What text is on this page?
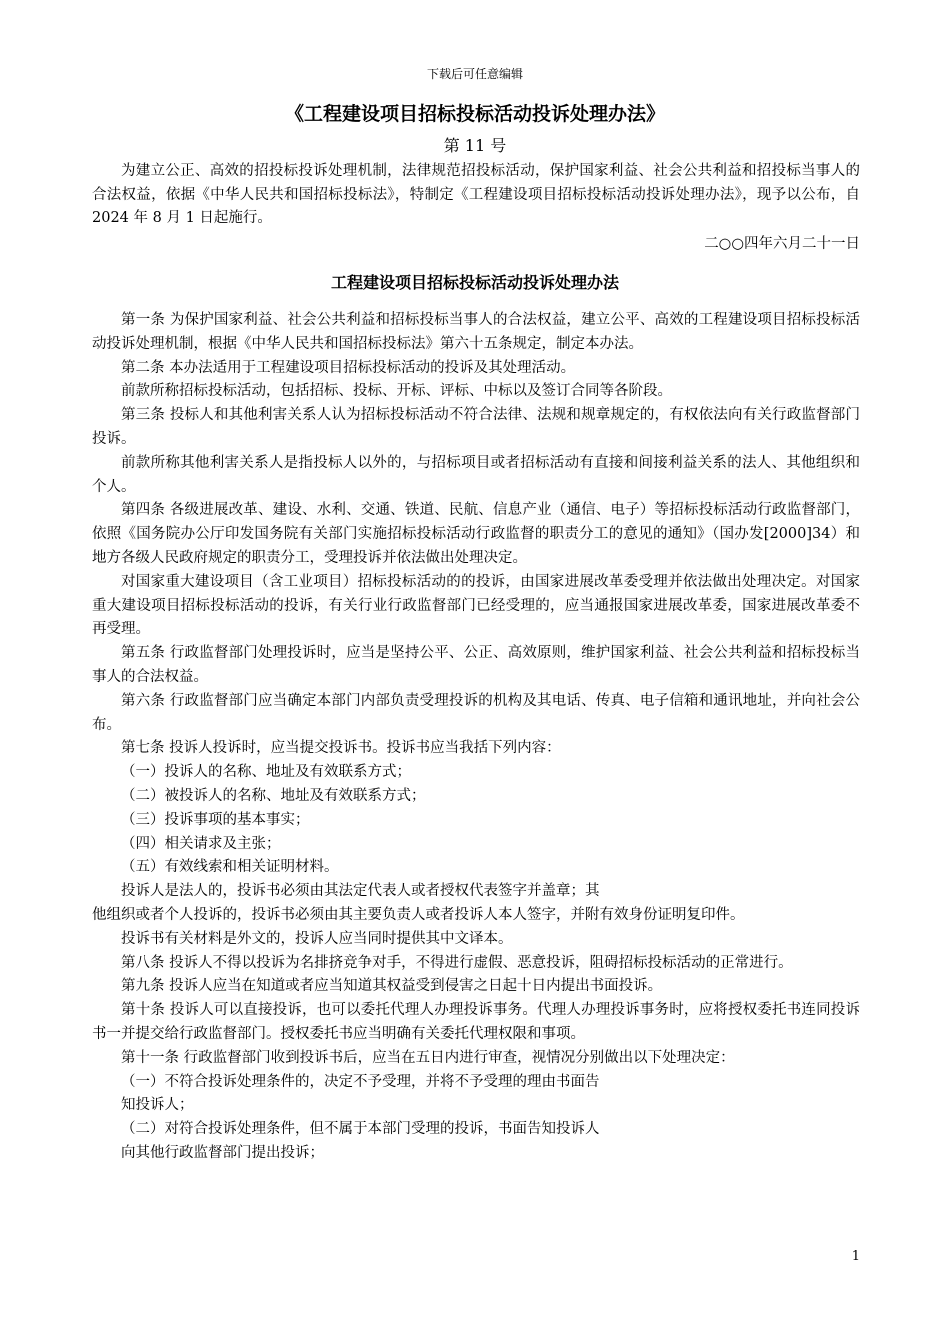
下载后可任意编辑
《工程建设项目招标投标活动投诉处理办法》
第 11 号

为建立公正、高效的招投标投诉处理机制，法律规范招投标活动，保护国家利益、社会公共利益和招投标当事人的合法权益，依据《中华人民共和国招标投标法》，特制定《工程建设项目招标投标活动投诉处理办法》，现予以公布，自 2024 年 8 月 1 日起施行。

二○○四年六月二十一日
工程建设项目招标投标活动投诉处理办法

第一条 为保护国家利益、社会公共利益和招标投标当事人的合法权益，建立公平、高效的工程建设项目招标投标活动投诉处理机制，根据《中华人民共和国招标投标法》第六十五条规定，制定本办法。

第二条 本办法适用于工程建设项目招标投标活动的投诉及其处理活动。

前款所称招标投标活动，包括招标、投标、开标、评标、中标以及签订合同等各阶段。

第三条 投标人和其他利害关系人认为招标投标活动不符合法律、法规和规章规定的，有权依法向有关行政监督部门投诉。

前款所称其他利害关系人是指投标人以外的，与招标项目或者招标活动有直接和间接利益关系的法人、其他组织和个人。

第四条 各级进展改革、建设、水利、交通、铁道、民航、信息产业（通信、电子）等招标投标活动行政监督部门，依照《国务院办公厅印发国务院有关部门实施招标投标活动行政监督的职责分工的意见的通知》（国办发[2000]34）和地方各级人民政府规定的职责分工，受理投诉并依法做出处理决定。

对国家重大建设项目（含工业项目）招标投标活动的的投诉，由国家进展改革委受理并依法做出处理决定。对国家重大建设项目招标投标活动的投诉，有关行业行政监督部门已经受理的，应当通报国家进展改革委，国家进展改革委不再受理。

第五条 行政监督部门处理投诉时，应当是坚持公平、公正、高效原则，维护国家利益、社会公共利益和招标投标当事人的合法权益。

第六条 行政监督部门应当确定本部门内部负责受理投诉的机构及其电话、传真、电子信箱和通讯地址，并向社会公布。

第七条 投诉人投诉时，应当提交投诉书。投诉书应当我括下列内容：

（一）投诉人的名称、地址及有效联系方式；

（二）被投诉人的名称、地址及有效联系方式；

（三）投诉事项的基本事实；

（四）相关请求及主张；

（五）有效线索和相关证明材料。

投诉人是法人的，投诉书必须由其法定代表人或者授权代表签字并盖章；其

他组织或者个人投诉的，投诉书必须由其主要负责人或者投诉人本人签字，并附有效身份证明复印件。

投诉书有关材料是外文的，投诉人应当同时提供其中文译本。

第八条 投诉人不得以投诉为名排挤竞争对手，不得进行虚假、恶意投诉，阻碍招标投标活动的正常进行。

第九条 投诉人应当在知道或者应当知道其权益受到侵害之日起十日内提出书面投诉。

第十条 投诉人可以直接投诉，也可以委托代理人办理投诉事务。代理人办理投诉事务时，应将授权委托书连同投诉书一并提交给行政监督部门。授权委托书应当明确有关委托代理权限和事项。

第十一条 行政监督部门收到投诉书后，应当在五日内进行审查，视情况分别做出以下处理决定：

（一）不符合投诉处理条件的，决定不予受理，并将不予受理的理由书面告

知投诉人；

（二）对符合投诉处理条件，但不属于本部门受理的投诉，书面告知投诉人

向其他行政监督部门提出投诉；

1
